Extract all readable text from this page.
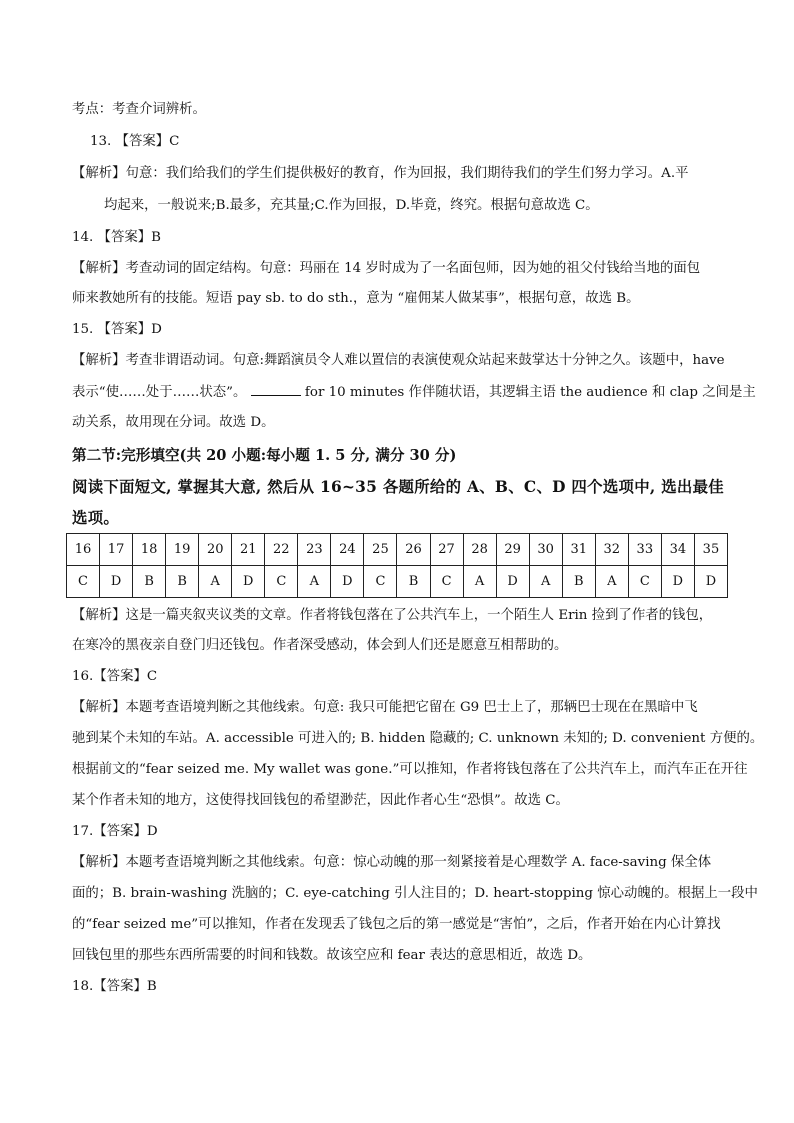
考点：考查介词辨析。
13. 【答案】C
【解析】句意：我们给我们的学生们提供极好的教育，作为回报，我们期待我们的学生们努力学习。A.平
均起来，一般说来;B.最多，充其量;C.作为回报，D.毕竟，终究。根据句意故选 C。
14. 【答案】B
【解析】考查动词的固定结构。句意：玛丽在 14 岁时成为了一名面包师，因为她的祖父付钱给当地的面包
师来教她所有的技能。短语 pay sb. to do sth.，意为 “雇佣某人做某事”，根据句意，故选 B。
15. 【答案】D
【解析】考查非谓语动词。句意:舞蹈演员令人难以置信的表演使观众站起来鼓掌达十分钟之久。该题中，have
表示“使……处于……状态”。	for 10 minutes 作伴随状语，其逻辑主语 the audience 和 clap 之间是主
动关系，故用现在分词。故选 D。
第二节:完形填空(共 20 小题:每小题 1. 5 分, 满分 30 分)
阅读下面短文, 掌握其大意, 然后从 16~35 各题所给的 A、B、C、D 四个选项中, 选出最佳
选项。
16	17	18	19	20	21	22	23	24	25	26	27	28	29	30	31	32	33	34	35
C	D	B	B	A	D	C	A	D	C	B	C	A	D	A	B	A	C	D	D
【解析】这是一篇夹叙夹议类的文章。作者将钱包落在了公共汽车上，一个陌生人 Erin 捡到了作者的钱包，
在寒冷的黑夜亲自登门归还钱包。作者深受感动，体会到人们还是愿意互相帮助的。
16.【答案】C
【解析】本题考查语境判断之其他线索。句意: 我只可能把它留在 G9 巴士上了，那辆巴士现在在黑暗中飞
驰到某个未知的车站。A. accessible 可进入的; B. hidden 隐藏的; C. unknown 未知的; D. convenient 方便的。
根据前文的“fear seized me. My wallet was gone.”可以推知，作者将钱包落在了公共汽车上，而汽车正在开往
某个作者未知的地方，这使得找回钱包的希望渺茫，因此作者心生“恐惧”。故选 C。
17.【答案】D
【解析】本题考查语境判断之其他线索。句意：惊心动魄的那一刻紧接着是心理数学 A. face-saving 保全体
面的；B. brain-washing 洗脑的；C. eye-catching 引人注目的；D. heart-stopping 惊心动魄的。根据上一段中
的“fear seized me”可以推知，作者在发现丢了钱包之后的第一感觉是“害怕”，之后，作者开始在内心计算找
回钱包里的那些东西所需要的时间和钱数。故该空应和 fear 表达的意思相近，故选 D。
18.【答案】B
